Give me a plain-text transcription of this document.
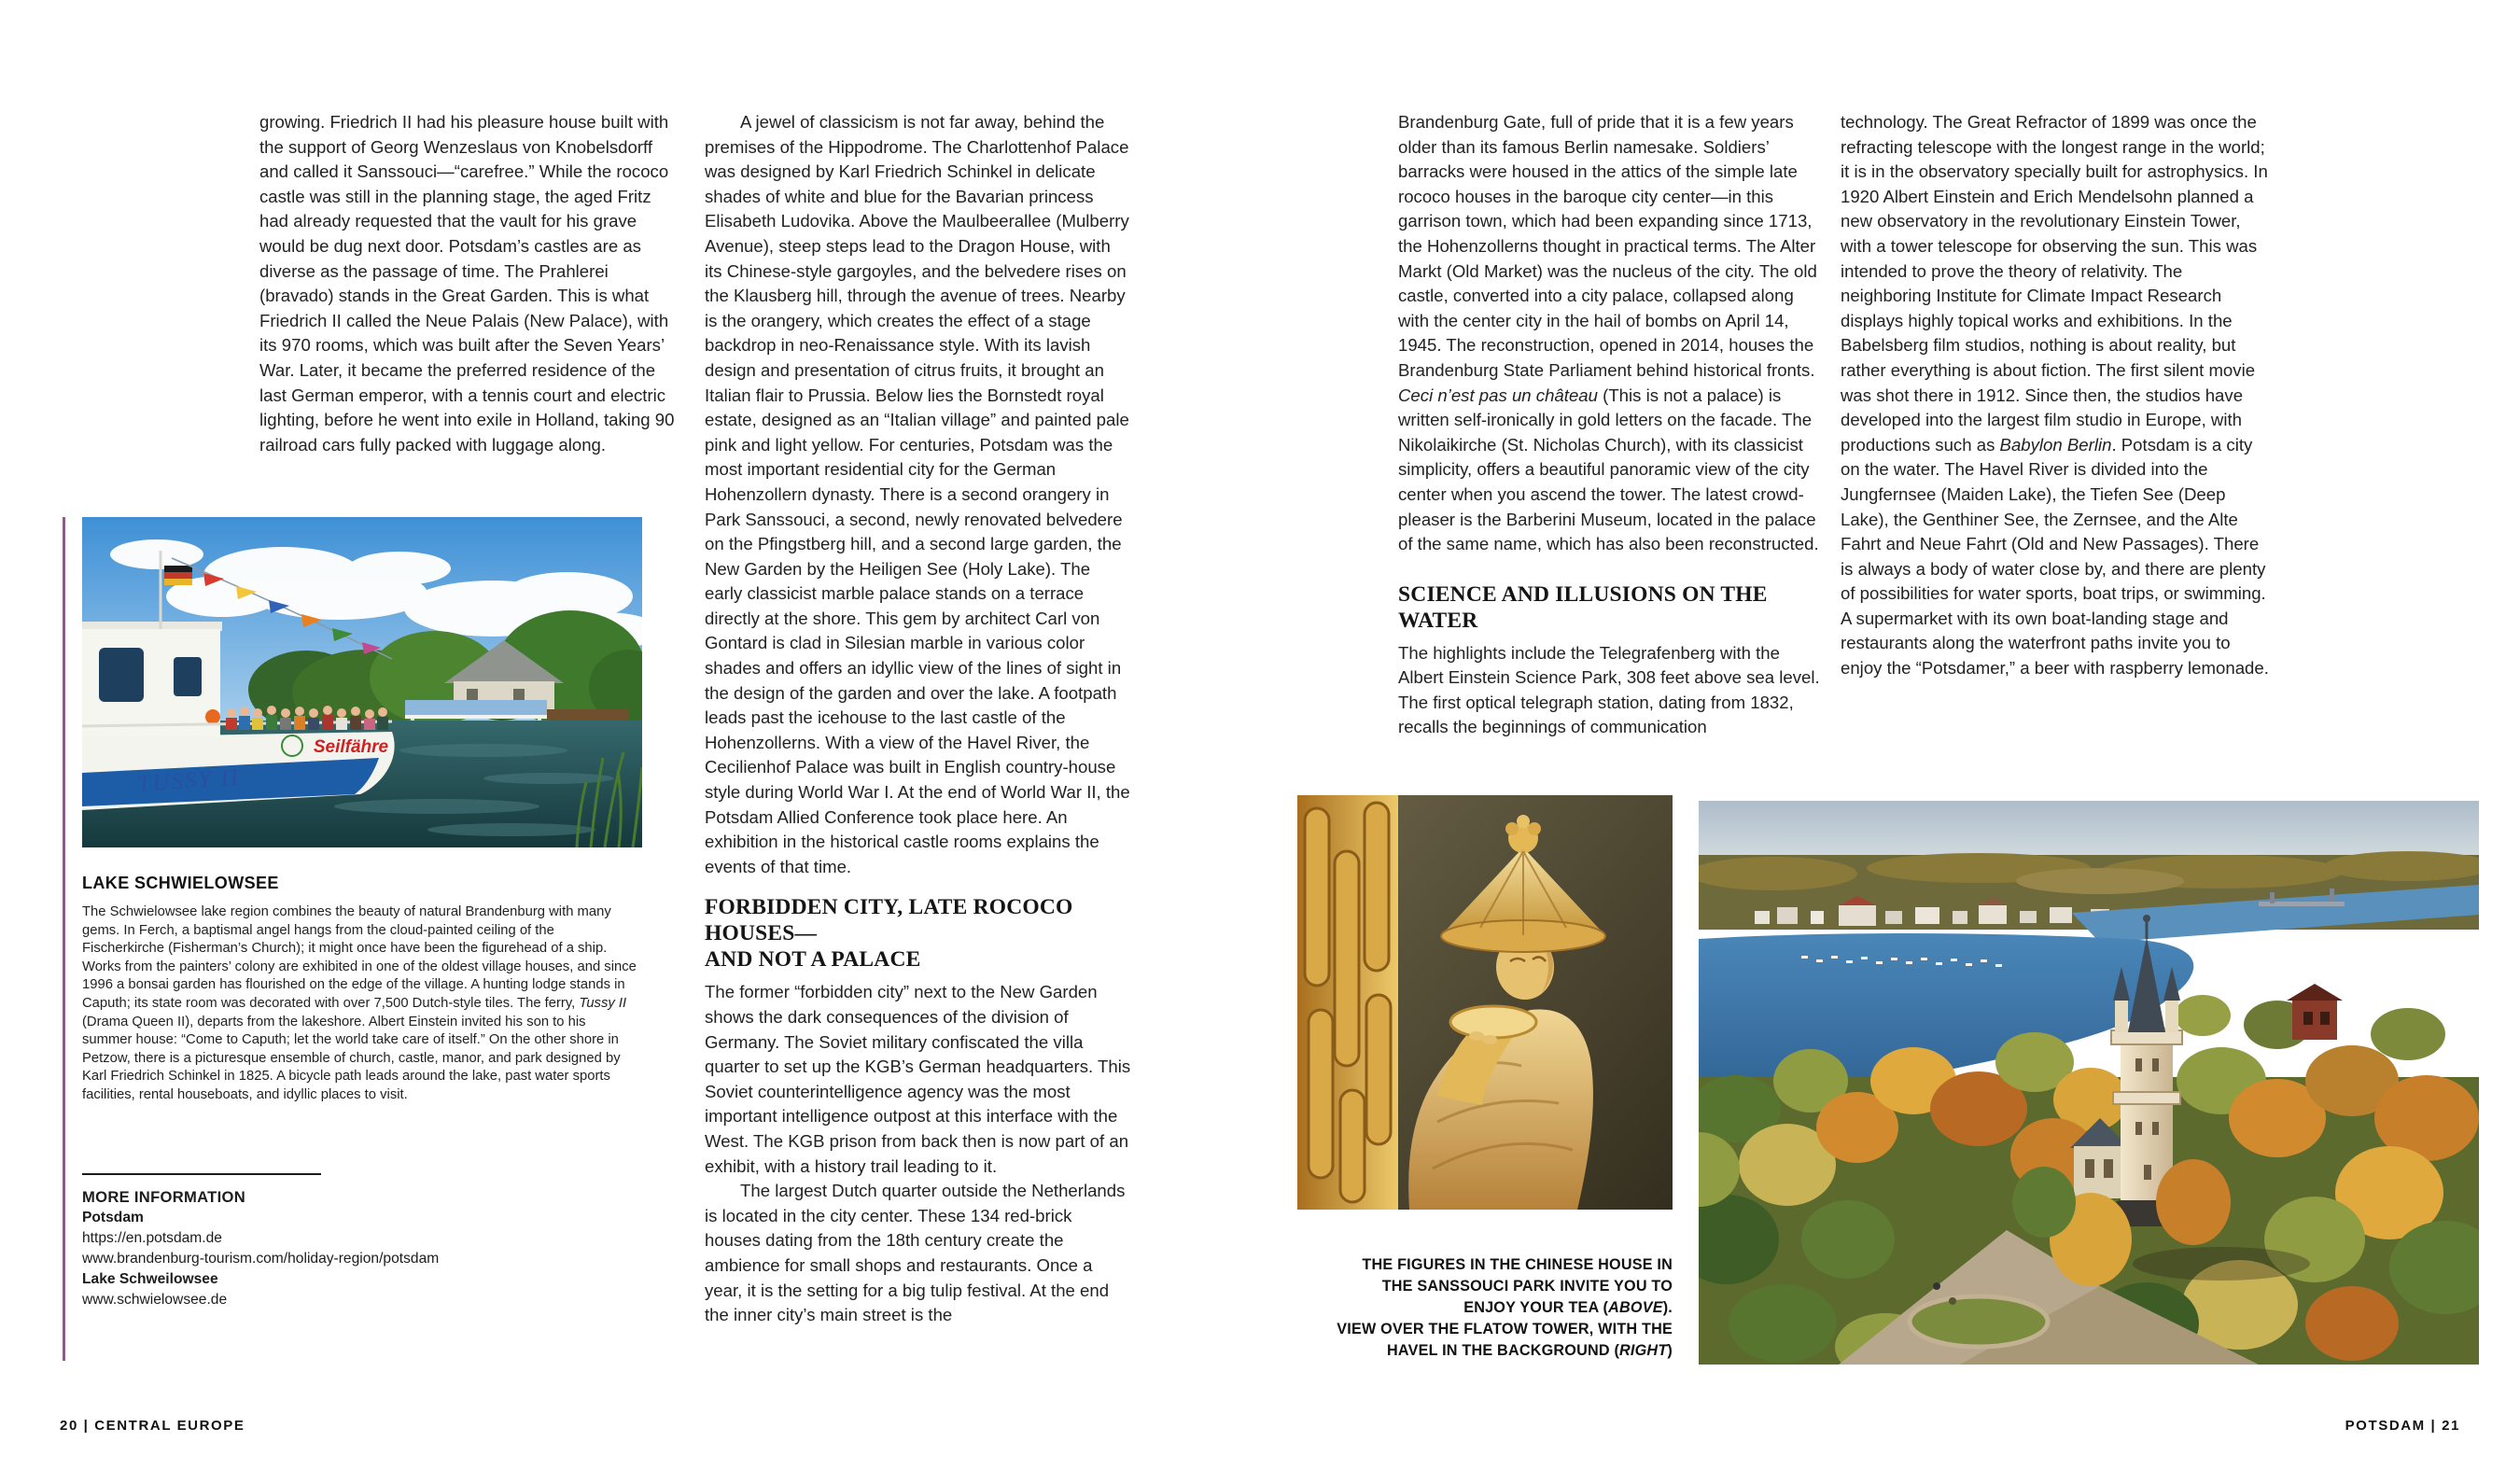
growing. Friedrich II had his pleasure house built with the support of Georg Wenzeslaus von Knobelsdorff and called it Sanssouci—“carefree.” While the rococo castle was still in the planning stage, the aged Fritz had already requested that the vault for his grave would be dug next door. Potsdam’s castles are as diverse as the passage of time. The Prahlerei (bravado) stands in the Great Garden. This is what Friedrich II called the Neue Palais (New Palace), with its 970 rooms, which was built after the Seven Years’ War. Later, it became the preferred residence of the last German emperor, with a tennis court and electric lighting, before he went into exile in Holland, taking 90 railroad cars fully packed with luggage along.

A jewel of classicism is not far away, behind the premises of the Hippodrome. The Charlottenhof Palace was designed by Karl Friedrich Schinkel in delicate shades of white and blue for the Bavarian princess Elisabeth Ludovika. Above the Maulbeerallee (Mulberry Avenue), steep steps lead to the Dragon House, with its Chinese-style gargoyles, and the belvedere rises on the Klausberg hill, through the avenue of trees. Nearby is the orangery, which creates the effect of a stage backdrop in neo-Renaissance style. With its lavish design and presentation of citrus fruits, it brought an Italian flair to Prussia. Below lies the Bornstedt royal estate, designed as an “Italian village” and painted pale pink and light yellow. For centuries, Potsdam was the most important residential city for the German Hohenzollern dynasty. There is a second orangery in Park Sanssouci, a second, newly renovated belvedere on the Pfingstberg hill, and a second large garden, the New Garden by the Heiligen See (Holy Lake). The early classicist marble palace stands on a terrace directly at the shore. This gem by architect Carl von Gontard is clad in Silesian marble in various color shades and offers an idyllic view of the lines of sight in the design of the garden and over the lake. A footpath leads past the icehouse to the last castle of the Hohenzollerns. With a view of the Havel River, the Cecilienhof Palace was built in English country-house style during World War I. At the end of World War II, the Potsdam Allied Conference took place here. An exhibition in the historical castle rooms explains the events of that time.

FORBIDDEN CITY, LATE ROCOCO HOUSES—
AND NOT A PALACE

The former “forbidden city” next to the New Garden shows the dark consequences of the division of Germany. The Soviet military confiscated the villa quarter to set up the KGB’s German headquarters. This Soviet counterintelligence agency was the most important intelligence outpost at this interface with the West. The KGB prison from back then is now part of an exhibit, with a history trail leading to it.

The largest Dutch quarter outside the Netherlands is located in the city center. These 134 red-brick houses dating from the 18th century create the ambience for small shops and restaurants. Once a year, it is the setting for a big tulip festival. At the end the inner city’s main street is the

Seilfähre
TUSSY II
LAKE SCHWIELOWSEE
The Schwielowsee lake region combines the beauty of natural Brandenburg with many gems. In Ferch, a baptismal angel hangs from the cloud-painted ceiling of the Fischerkirche (Fisherman’s Church); it might once have been the figurehead of a ship. Works from the painters’ colony are exhibited in one of the oldest village houses, and since 1996 a bonsai garden has flourished on the edge of the village. A hunting lodge stands in Caputh; its state room was decorated with over 7,500 Dutch-style tiles. The ferry, Tussy II (Drama Queen II), departs from the lakeshore. Albert Einstein invited his son to his summer house: “Come to Caputh; let the world take care of itself.” On the other shore in Petzow, there is a picturesque ensemble of church, castle, manor, and park designed by Karl Friedrich Schinkel in 1825. A bicycle path leads around the lake, past water sports facilities, rental houseboats, and idyllic places to visit.
MORE INFORMATION
Potsdam
https://en.potsdam.de
www.brandenburg-tourism.com/holiday-region/potsdam
Lake Schweilowsee
www.schwielowsee.de

Brandenburg Gate, full of pride that it is a few years older than its famous Berlin namesake. Soldiers’ barracks were housed in the attics of the simple late rococo houses in the baroque city center—in this garrison town, which had been expanding since 1713, the Hohenzollerns thought in practical terms. The Alter Markt (Old Market) was the nucleus of the city. The old castle, converted into a city palace, collapsed along with the center city in the hail of bombs on April 14, 1945. The reconstruction, opened in 2014, houses the Brandenburg State Parliament behind historical fronts. Ceci n’est pas un château (This is not a palace) is written self-ironically in gold letters on the facade. The Nikolaikirche (St. Nicholas Church), with its classicist simplicity, offers a beautiful panoramic view of the city center when you ascend the tower. The latest crowd-pleaser is the Barberini Museum, located in the palace of the same name, which has also been reconstructed.

SCIENCE AND ILLUSIONS ON THE WATER

The highlights include the Telegrafenberg with the Albert Einstein Science Park, 308 feet above sea level. The first optical telegraph station, dating from 1832, recalls the beginnings of communication

technology. The Great Refractor of 1899 was once the refracting telescope with the longest range in the world; it is in the observatory specially built for astrophysics. In 1920 Albert Einstein and Erich Mendelsohn planned a new observatory in the revolutionary Einstein Tower, with a tower telescope for observing the sun. This was intended to prove the theory of relativity. The neighboring Institute for Climate Impact Research displays highly topical works and exhibitions. In the Babelsberg film studios, nothing is about reality, but rather everything is about fiction. The first silent movie was shot there in 1912. Since then, the studios have developed into the largest film studio in Europe, with productions such as Babylon Berlin. Potsdam is a city on the water. The Havel River is divided into the Jungfernsee (Maiden Lake), the Tiefen See (Deep Lake), the Genthiner See, the Zernsee, and the Alte Fahrt and Neue Fahrt (Old and New Passages). There is always a body of water close by, and there are plenty of possibilities for water sports, boat trips, or swimming. A supermarket with its own boat-landing stage and restaurants along the waterfront paths invite you to enjoy the “Potsdamer,” a beer with raspberry lemonade.

THE FIGURES IN THE CHINESE HOUSE IN
THE SANSSOUCI PARK INVITE YOU TO
ENJOY YOUR TEA (ABOVE).
VIEW OVER THE FLATOW TOWER, WITH THE
HAVEL IN THE BACKGROUND (RIGHT)
20 | CENTRAL EUROPE	POTSDAM | 21
